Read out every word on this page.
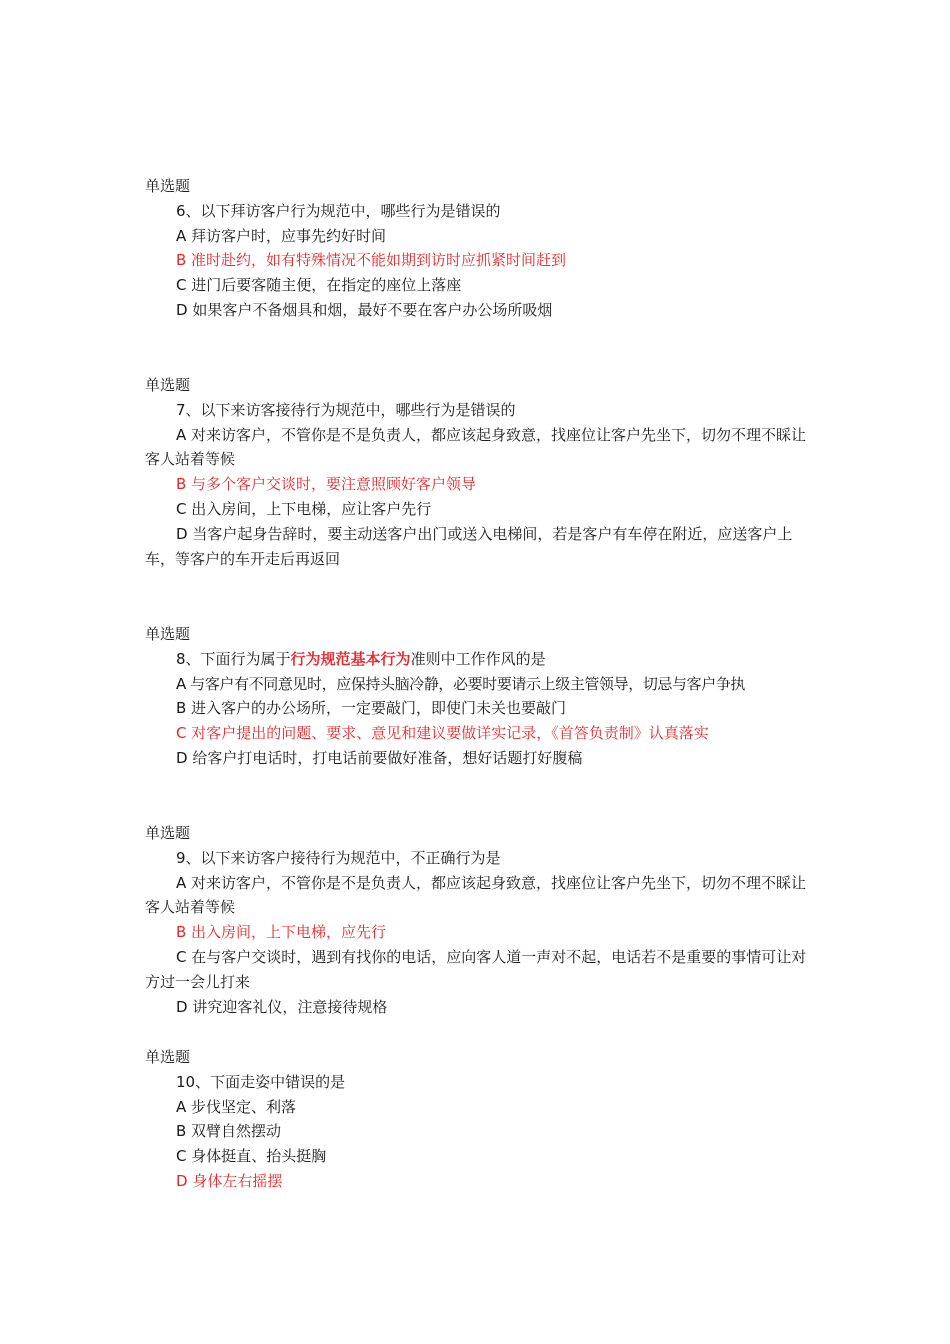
单选题
6、以下拜访客户行为规范中，哪些行为是错误的
A 拜访客户时，应事先约好时间
B 准时赴约，如有特殊情况不能如期到访时应抓紧时间赶到
C 进门后要客随主便，在指定的座位上落座
D 如果客户不备烟具和烟，最好不要在客户办公场所吸烟
单选题
7、以下来访客接待行为规范中，哪些行为是错误的
A 对来访客户，不管你是不是负责人，都应该起身致意，找座位让客户先坐下，切勿不理不睬让客人站着等候
B 与多个客户交谈时，要注意照顾好客户领导
C 出入房间，上下电梯，应让客户先行
D 当客户起身告辞时，要主动送客户出门或送入电梯间，若是客户有车停在附近，应送客户上车，等客户的车开走后再返回
单选题
8、下面行为属于行为规范基本行为准则中工作作风的是
A 与客户有不同意见时，应保持头脑冷静，必要时要请示上级主管领导，切忌与客户争执
B 进入客户的办公场所，一定要敲门，即使门未关也要敲门
C 对客户提出的问题、要求、意见和建议要做详实记录，《首答负责制》认真落实
D 给客户打电话时，打电话前要做好准备，想好话题打好腹稿
单选题
9、以下来访客户接待行为规范中，不正确行为是
A 对来访客户，不管你是不是负责人，都应该起身致意，找座位让客户先坐下，切勿不理不睬让客人站着等候
B 出入房间，上下电梯，应先行
C 在与客户交谈时，遇到有找你的电话，应向客人道一声对不起，电话若不是重要的事情可让对方过一会儿打来
D 讲究迎客礼仪，注意接待规格
单选题
10、下面走姿中错误的是
A 步伐坚定、利落
B 双臂自然摆动
C 身体挺直、抬头挺胸
D 身体左右摇摆
